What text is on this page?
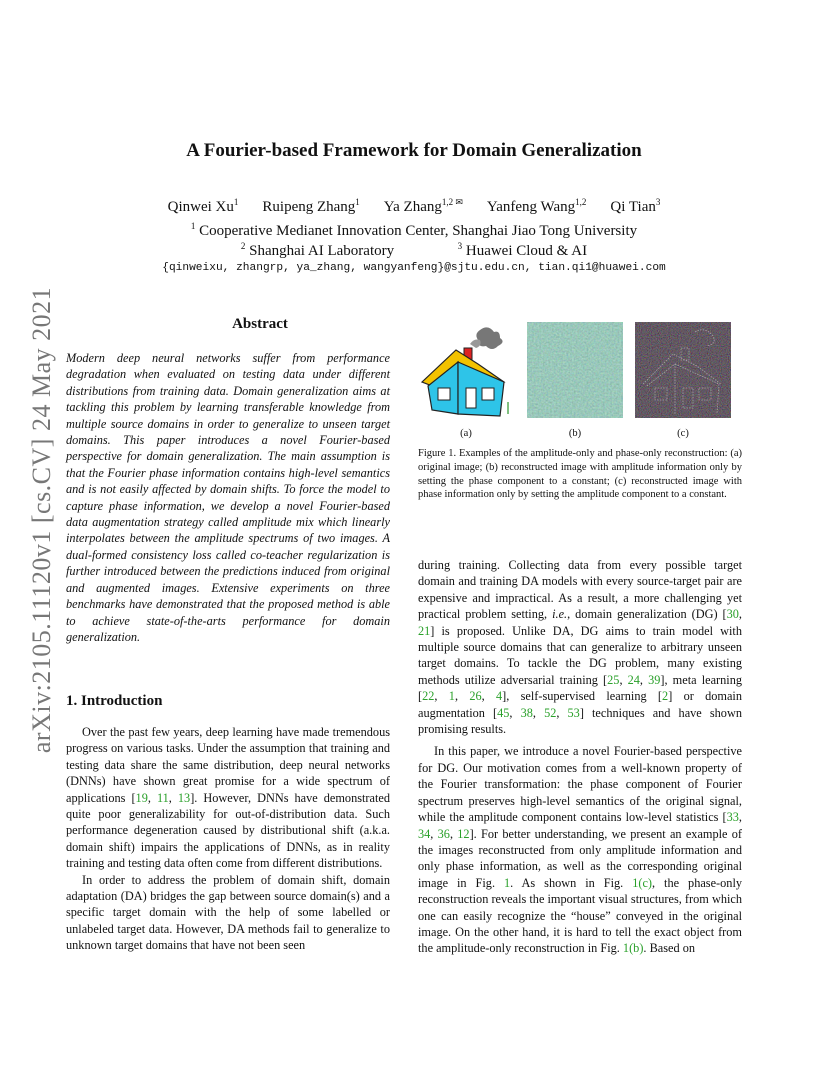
arXiv:2105.11120v1 [cs.CV] 24 May 2021
A Fourier-based Framework for Domain Generalization
Qinwei Xu$^1$ Ruipeng Zhang$^1$ Ya Zhang$^{1,2 ✉}$ Yanfeng Wang$^{1,2}$ Qi Tian$^3$
$^1$ Cooperative Medianet Innovation Center, Shanghai Jiao Tong University
$^2$ Shanghai AI Laboratory	$^3$ Huawei Cloud & AI
{qinweixu, zhangrp, ya_zhang, wangyanfeng}@sjtu.edu.cn, tian.qi1@huawei.com
Abstract

Modern deep neural networks suffer from performance degradation when evaluated on testing data under different distributions from training data. Domain generalization aims at tackling this problem by learning transferable knowledge from multiple source domains in order to generalize to unseen target domains. This paper introduces a novel Fourier-based perspective for domain generalization. The main assumption is that the Fourier phase information contains high-level semantics and is not easily affected by domain shifts. To force the model to capture phase information, we develop a novel Fourier-based data augmentation strategy called amplitude mix which linearly interpolates between the amplitude spectrums of two images. A dual-formed consistency loss called co-teacher regularization is further introduced between the predictions induced from original and augmented images. Extensive experiments on three benchmarks have demonstrated that the proposed method is able to achieve state-of-the-arts performance for domain generalization.

1. Introduction

Over the past few years, deep learning have made tremendous progress on various tasks. Under the assumption that training and testing data share the same distribution, deep neural networks (DNNs) have shown great promise for a wide spectrum of applications [19, 11, 13]. However, DNNs have demonstrated quite poor generalizability for out-of-distribution data. Such performance degeneration caused by distributional shift (a.k.a. domain shift) impairs the applications of DNNs, as in reality training and testing data often come from different distributions.

In order to address the problem of domain shift, domain adaptation (DA) bridges the gap between source domain(s) and a specific target domain with the help of some labelled or unlabeled target data. However, DA methods fail to generalize to unknown target domains that have not been seen

(a)	(b)	(c)
Figure 1. Examples of the amplitude-only and phase-only reconstruction: (a) original image; (b) reconstructed image with amplitude information only by setting the phase component to a constant; (c) reconstructed image with phase information only by setting the amplitude component to a constant.

during training. Collecting data from every possible target domain and training DA models with every source-target pair are expensive and impractical. As a result, a more challenging yet practical problem setting, i.e., domain generalization (DG) [30, 21] is proposed. Unlike DA, DG aims to train model with multiple source domains that can generalize to arbitrary unseen target domains. To tackle the DG problem, many existing methods utilize adversarial training [25, 24, 39], meta learning [22, 1, 26, 4], self-supervised learning [2] or domain augmentation [45, 38, 52, 53] techniques and have shown promising results.

In this paper, we introduce a novel Fourier-based perspective for DG. Our motivation comes from a well-known property of the Fourier transformation: the phase component of Fourier spectrum preserves high-level semantics of the original signal, while the amplitude component contains low-level statistics [33, 34, 36, 12]. For better understanding, we present an example of the images reconstructed from only amplitude information and only phase information, as well as the corresponding original image in Fig. 1. As shown in Fig. 1(c), the phase-only reconstruction reveals the important visual structures, from which one can easily recognize the “house” conveyed in the original image. On the other hand, it is hard to tell the exact object from the amplitude-only reconstruction in Fig. 1(b). Based on
